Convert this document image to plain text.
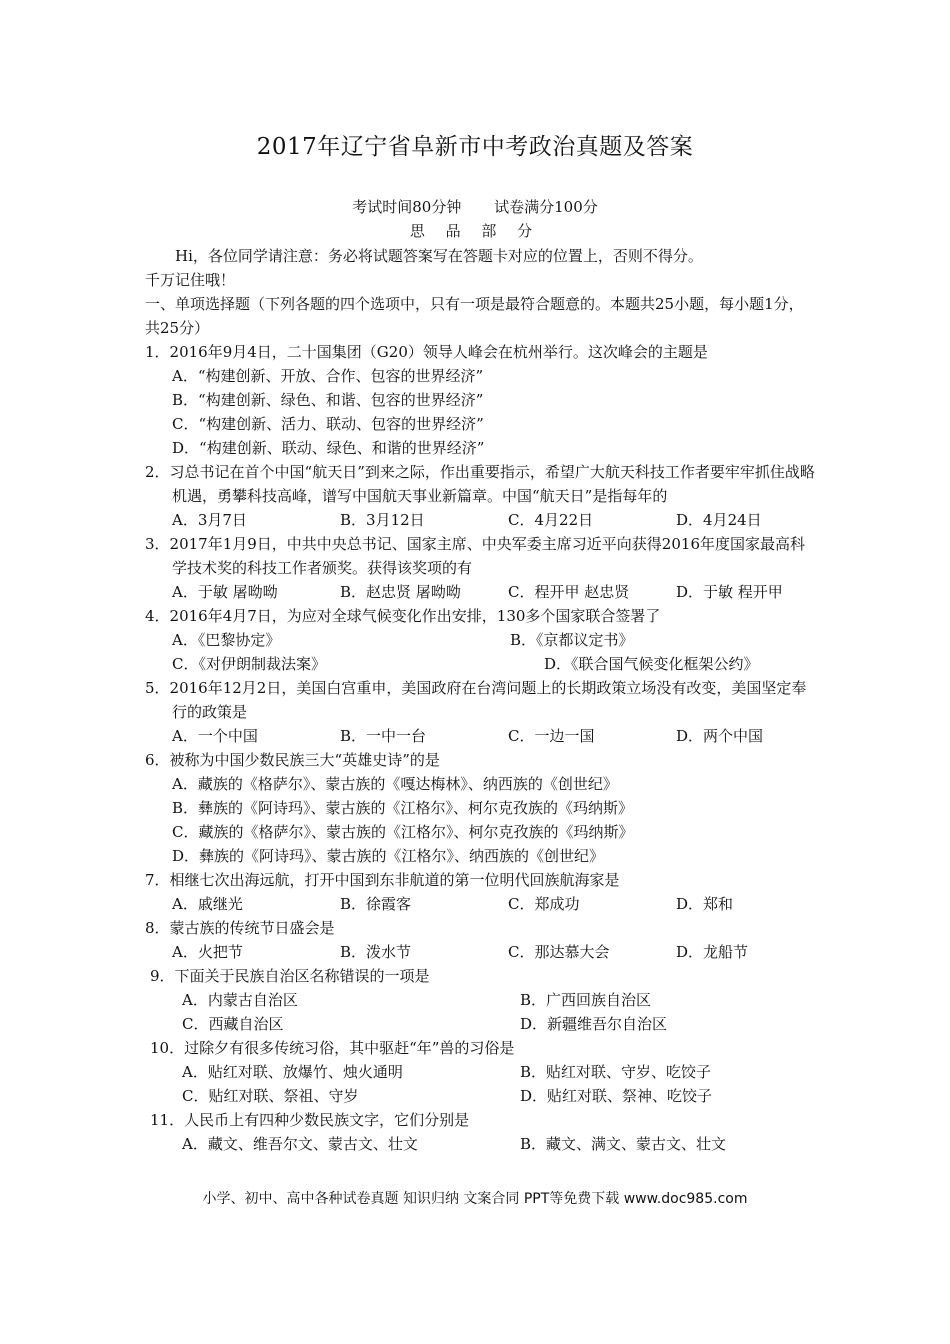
2017年辽宁省阜新市中考政治真题及答案
考试时间80分钟 试卷满分100分
思 品 部 分

Hi，各位同学请注意：务必将试题答案写在答题卡对应的位置上，否则不得分。

千万记住哦！

一、单项选择题（下列各题的四个选项中，只有一项是最符合题意的。本题共25小题，每小题1分，共25分）

1．2016年9月4日，二十国集团（G20）领导人峰会在杭州举行。这次峰会的主题是
A．“构建创新、开放、合作、包容的世界经济”
B．“构建创新、绿色、和谐、包容的世界经济”
C．“构建创新、活力、联动、包容的世界经济”
D．“构建创新、联动、绿色、和谐的世界经济”
2．习总书记在首个中国“航天日”到来之际，作出重要指示，希望广大航天科技工作者要牢牢抓住战略机遇，勇攀科技高峰，谱写中国航天事业新篇章。中国“航天日”是指每年的
A．3月7日	B．3月12日	C．4月22日	D．4月24日
3．2017年1月9日，中共中央总书记、国家主席、中央军委主席习近平向获得2016年度国家最高科学技术奖的科技工作者颁奖。获得该奖项的有
A．于敏 屠呦呦	B．赵忠贤 屠呦呦	C．程开甲 赵忠贤	D．于敏 程开甲
4．2016年4月7日，为应对全球气候变化作出安排，130多个国家联合签署了
A．《巴黎协定》	B．《京都议定书》
C．《对伊朗制裁法案》	D．《联合国气候变化框架公约》
5．2016年12月2日，美国白宫重申，美国政府在台湾问题上的长期政策立场没有改变，美国坚定奉行的政策是
A．一个中国	B．一中一台	C．一边一国	D．两个中国
6．被称为中国少数民族三大“英雄史诗”的是
A．藏族的《格萨尔》、蒙古族的《嘎达梅林》、纳西族的《创世纪》
B．彝族的《阿诗玛》、蒙古族的《江格尔》、柯尔克孜族的《玛纳斯》
C．藏族的《格萨尔》、蒙古族的《江格尔》、柯尔克孜族的《玛纳斯》
D．彝族的《阿诗玛》、蒙古族的《江格尔》、纳西族的《创世纪》
7．相继七次出海远航，打开中国到东非航道的第一位明代回族航海家是
A．戚继光	B．徐霞客	C．郑成功	D．郑和
8．蒙古族的传统节日盛会是
A．火把节	B．泼水节	C．那达慕大会	D．龙船节
9．下面关于民族自治区名称错误的一项是
A．内蒙古自治区	B．广西回族自治区
C．西藏自治区	D．新疆维吾尔自治区
10．过除夕有很多传统习俗，其中驱赶“年”兽的习俗是
A．贴红对联、放爆竹、烛火通明	B．贴红对联、守岁、吃饺子
C．贴红对联、祭祖、守岁	D．贴红对联、祭神、吃饺子
11．人民币上有四种少数民族文字，它们分别是
A．藏文、维吾尔文、蒙古文、壮文	B．藏文、满文、蒙古文、壮文
小学、初中、高中各种试卷真题 知识归纳 文案合同 PPT等免费下载 www.doc985.com
